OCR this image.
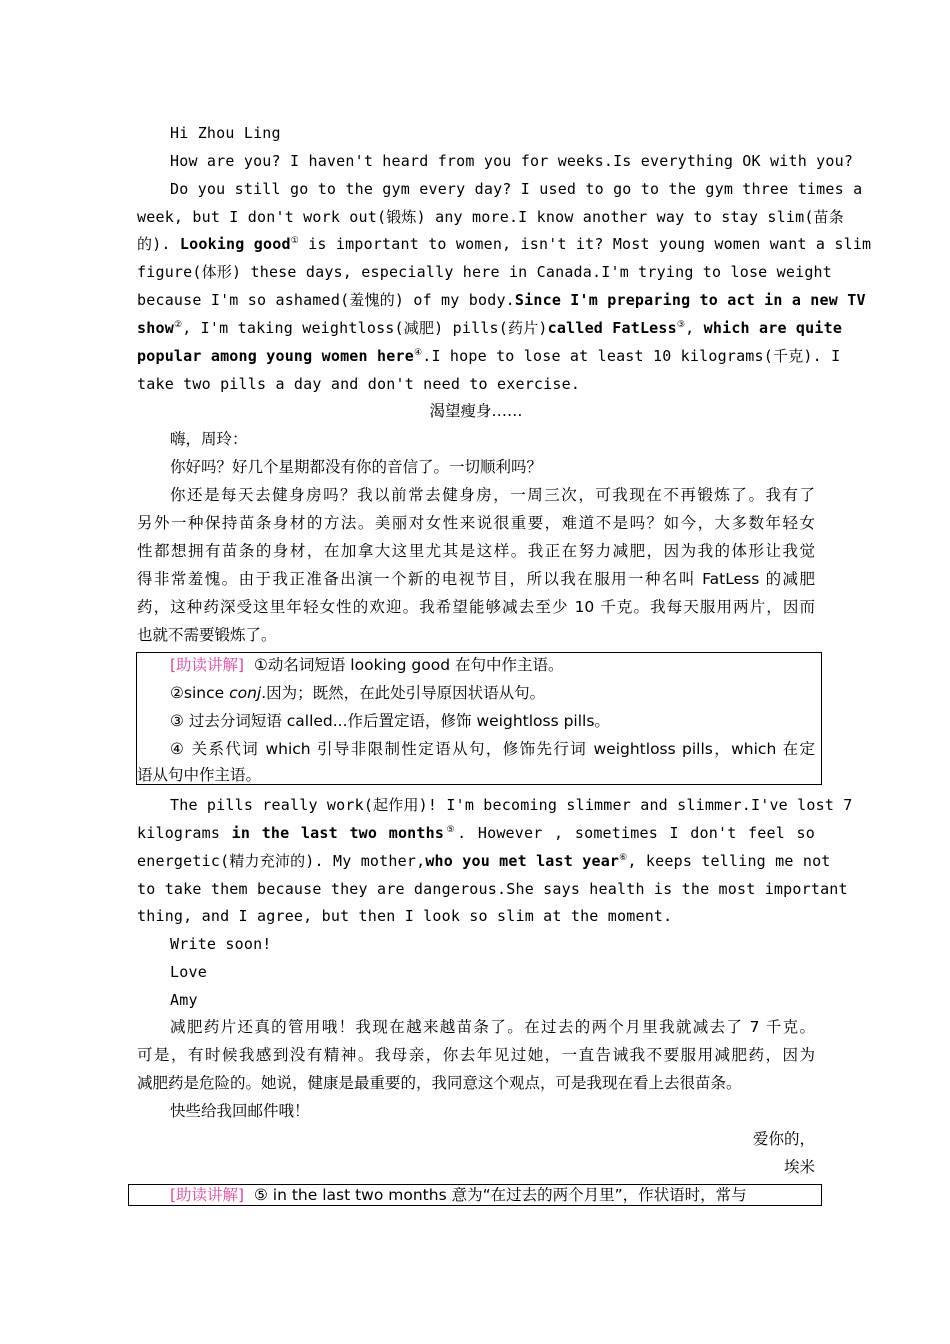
Hi Zhou Ling
How are you? I haven't heard from you for weeks.Is everything OK with you?
Do you still go to the gym every day? I used to go to the gym three times a
week, but I don't work out(锻炼) any more.I know another way to stay slim(苗条
的). Looking good① is important to women, isn't it? Most young women want a slim
figure(体形) these days, especially here in Canada.I'm trying to lose weight
because I'm so ashamed(羞愧的) of my body.Since I'm preparing to act in a new TV
show②, I'm taking weightloss(减肥) pills(药片)called FatLess③, which are quite
popular among young women here④.I hope to lose at least 10 kilograms(千克). I
take two pills a day and don't need to exercise.
渴望瘦身……
嗨，周玲：
你好吗？好几个星期都没有你的音信了。一切顺利吗？
你还是每天去健身房吗？我以前常去健身房，一周三次，可我现在不再锻炼了。我有了
另外一种保持苗条身材的方法。美丽对女性来说很重要，难道不是吗？如今，大多数年轻女
性都想拥有苗条的身材，在加拿大这里尤其是这样。我正在努力减肥，因为我的体形让我觉
得非常羞愧。由于我正准备出演一个新的电视节目，所以我在服用一种名叫 FatLess 的减肥
药，这种药深受这里年轻女性的欢迎。我希望能够减去至少 10 千克。我每天服用两片，因而
也就不需要锻炼了。
[助读讲解] ①动名词短语 looking good 在句中作主语。
②since conj.因为；既然，在此处引导原因状语从句。
③ 过去分词短语 called...作后置定语，修饰 weightloss pills。
④ 关系代词 which 引导非限制性定语从句，修饰先行词 weightloss pills，which 在定
语从句中作主语。
The pills really work(起作用)! I'm becoming slimmer and slimmer.I've lost 7
kilograms in the last two months⑤. However , sometimes I don't feel so
energetic(精力充沛的). My mother,who you met last year⑥, keeps telling me not
to take them because they are dangerous.She says health is the most important
thing, and I agree, but then I look so slim at the moment.
Write soon!
Love
Amy
减肥药片还真的管用哦！我现在越来越苗条了。在过去的两个月里我就减去了 7 千克。
可是，有时候我感到没有精神。我母亲，你去年见过她，一直告诫我不要服用减肥药，因为
减肥药是危险的。她说，健康是最重要的，我同意这个观点，可是我现在看上去很苗条。
快些给我回邮件哦！
爱你的，
埃米
[助读讲解] ⑤ in the last two months 意为“在过去的两个月里”，作状语时，常与
